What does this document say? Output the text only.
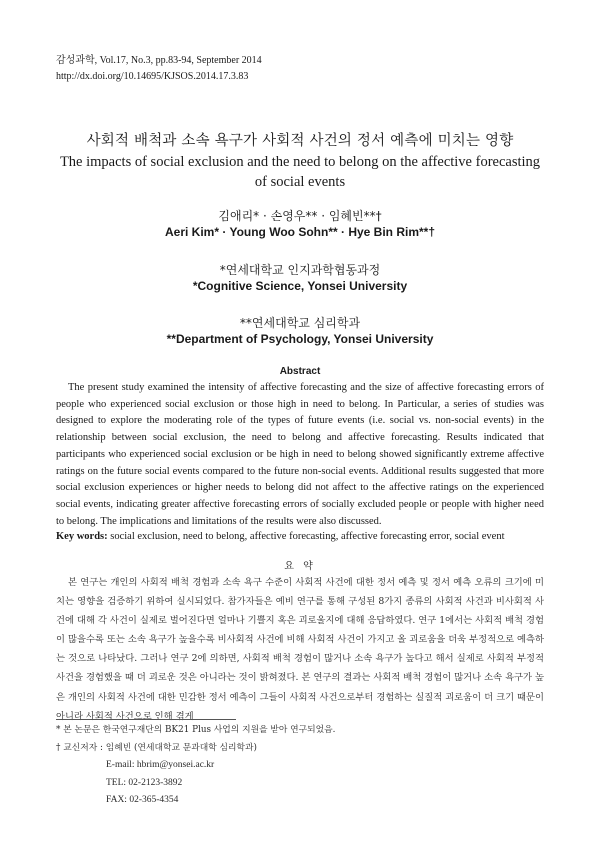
감성과학, Vol.17, No.3, pp.83-94, September 2014
http://dx.doi.org/10.14695/KJSOS.2014.17.3.83
사회적 배척과 소속 욕구가 사회적 사건의 정서 예측에 미치는 영향
The impacts of social exclusion and the need to belong on the affective forecasting of social events
김애리* · 손영우** · 임혜빈**†
Aeri Kim* · Young Woo Sohn** · Hye Bin Rim**†
*연세대학교 인지과학협동과정
*Cognitive Science, Yonsei University
**연세대학교 심리학과
**Department of Psychology, Yonsei University
Abstract

The present study examined the intensity of affective forecasting and the size of affective forecasting errors of people who experienced social exclusion or those high in need to belong. In Particular, a series of studies was designed to explore the moderating role of the types of future events (i.e. social vs. non-social events) in the relationship between social exclusion, the need to belong and affective forecasting. Results indicated that participants who experienced social exclusion or be high in need to belong showed significantly extreme affective ratings on the future social events compared to the future non-social events. Additional results suggested that more social exclusion experiences or higher needs to belong did not affect to the affective ratings on the experienced social events, indicating greater affective forecasting errors of socially excluded people or people with higher need to belong. The implications and limitations of the results were also discussed.

Key words: social exclusion, need to belong, affective forecasting, affective forecasting error, social event

요 약

본 연구는 개인의 사회적 배척 경험과 소속 욕구 수준이 사회적 사건에 대한 정서 예측 및 정서 예측 오류의 크기에 미치는 영향을 검증하기 위하여 실시되었다. 참가자들은 예비 연구를 통해 구성된 8가지 종류의 사회적 사건과 비사회적 사건에 대해 각 사건이 실제로 벌어진다면 얼마나 기쁠지 혹은 괴로울지에 대해 응답하였다. 연구 1에서는 사회적 배척 경험이 많을수록 또는 소속 욕구가 높을수록 비사회적 사건에 비해 사회적 사건이 가지고 올 괴로움을 더욱 부정적으로 예측하는 것으로 나타났다. 그러나 연구 2에 의하면, 사회적 배척 경험이 많거나 소속 욕구가 높다고 해서 실제로 사회적 부정적 사건을 경험했을 때 더 괴로운 것은 아니라는 것이 밝혀졌다. 본 연구의 결과는 사회적 배척 경험이 많거나 소속 욕구가 높은 개인의 사회적 사건에 대한 민감한 정서 예측이 그들이 사회적 사건으로부터 경험하는 실질적 괴로움이 더 크기 때문이 아니라 사회적 사건으로 인해 겪게

* 본 논문은 한국연구재단의 BK21 Plus 사업의 지원을 받아 연구되었음.
† 교신저자 : 임혜빈 (연세대학교 문과대학 심리학과)
E-mail: hbrim@yonsei.ac.kr
TEL: 02-2123-3892
FAX: 02-365-4354
